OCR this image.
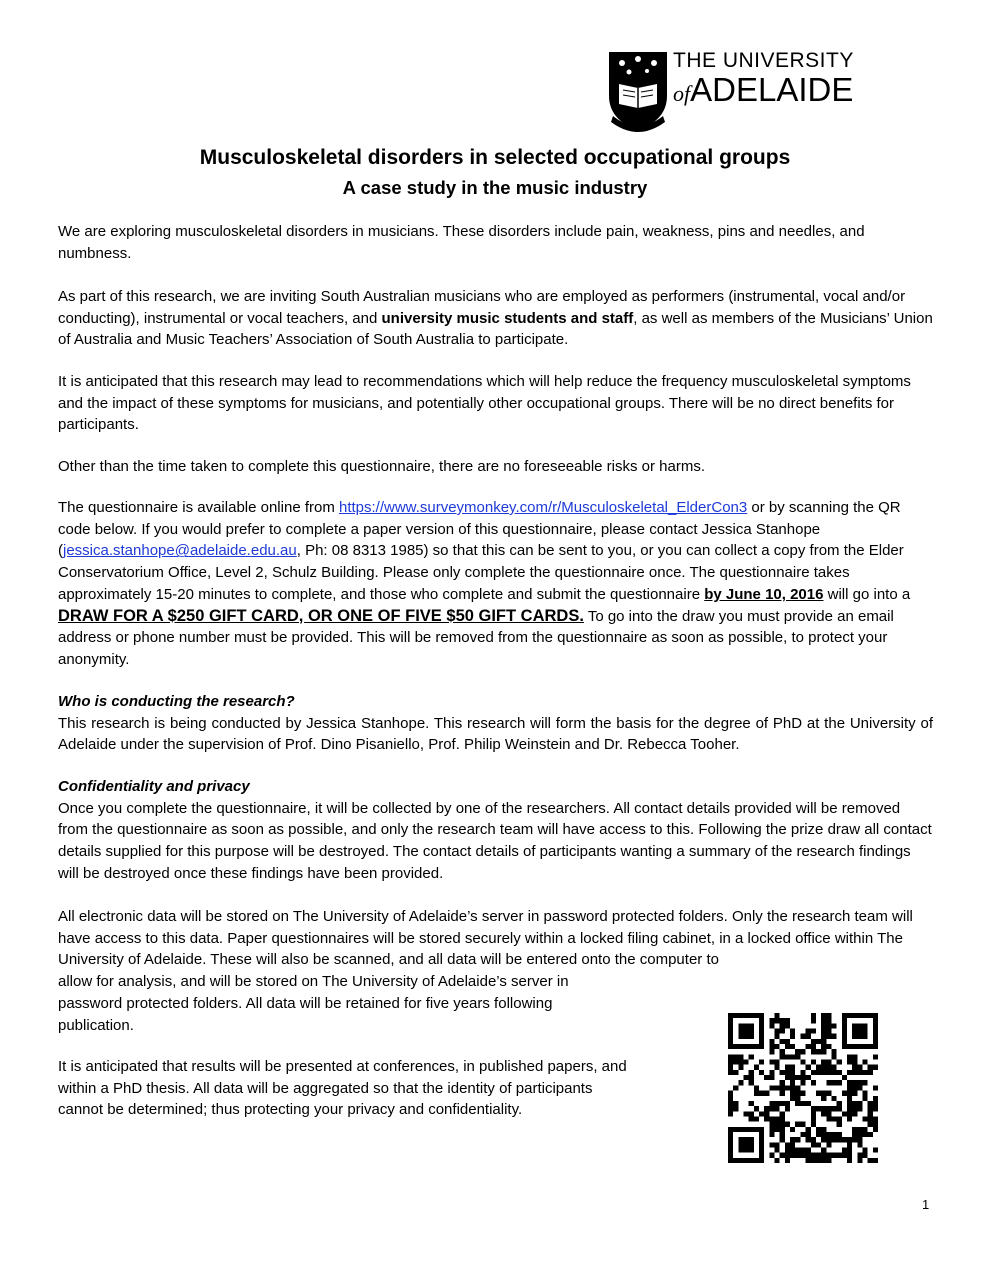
THE UNIVERSITY
ofADELAIDE
Musculoskeletal disorders in selected occupational groups
A case study in the music industry

We are exploring musculoskeletal disorders in musicians. These disorders include pain, weakness, pins and needles, and numbness.

As part of this research, we are inviting South Australian musicians who are employed as performers (instrumental, vocal and/or conducting), instrumental or vocal teachers, and university music students and staff, as well as members of the Musicians’ Union of Australia and Music Teachers’ Association of South Australia to participate.

It is anticipated that this research may lead to recommendations which will help reduce the frequency musculoskeletal symptoms and the impact of these symptoms for musicians, and potentially other occupational groups. There will be no direct benefits for participants.

Other than the time taken to complete this questionnaire, there are no foreseeable risks or harms.

The questionnaire is available online from https://www.surveymonkey.com/r/Musculoskeletal_ElderCon3 or by scanning the QR code below. If you would prefer to complete a paper version of this questionnaire, please contact Jessica Stanhope (jessica.stanhope@adelaide.edu.au, Ph: 08 8313 1985) so that this can be sent to you, or you can collect a copy from the Elder Conservatorium Office, Level 2, Schulz Building. Please only complete the questionnaire once. The questionnaire takes approximately 15-20 minutes to complete, and those who complete and submit the questionnaire by June 10, 2016 will go into a DRAW FOR A $250 GIFT CARD, OR ONE OF FIVE $50 GIFT CARDS. To go into the draw you must provide an email address or phone number must be provided. This will be removed from the questionnaire as soon as possible, to protect your anonymity.

Who is conducting the research?
This research is being conducted by Jessica Stanhope. This research will form the basis for the degree of PhD at the University of Adelaide under the supervision of Prof. Dino Pisaniello, Prof. Philip Weinstein and Dr. Rebecca Tooher.

Confidentiality and privacy
Once you complete the questionnaire, it will be collected by one of the researchers. All contact details provided will be removed from the questionnaire as soon as possible, and only the research team will have access to this. Following the prize draw all contact details supplied for this purpose will be destroyed. The contact details of participants wanting a summary of the research findings will be destroyed once these findings have been provided.

All electronic data will be stored on The University of Adelaide’s server in password protected folders. Only the research team will have access to this data. Paper questionnaires will be stored securely within a locked filing cabinet, in a locked office within The University of Adelaide. These will also be scanned, and all data will be entered onto the computer to
allow for analysis, and will be stored on The University of Adelaide’s server in
password protected folders. All data will be retained for five years following
publication.

It is anticipated that results will be presented at conferences, in published papers, and
within a PhD thesis. All data will be aggregated so that the identity of participants
cannot be determined; thus protecting your privacy and confidentiality.

1
